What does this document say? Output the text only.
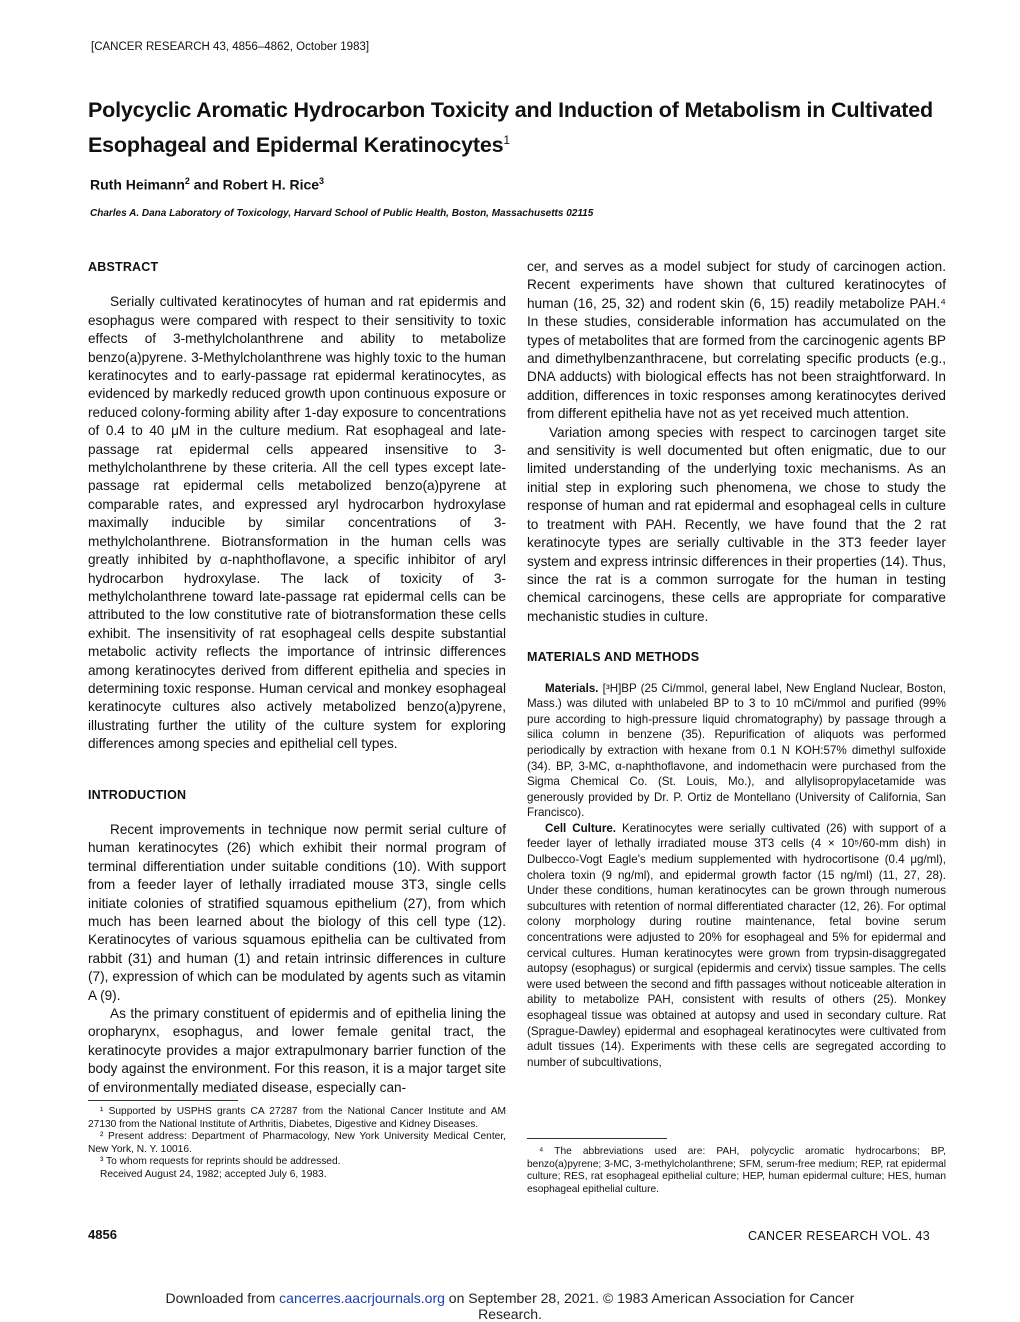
[CANCER RESEARCH 43, 4856–4862, October 1983]
Polycyclic Aromatic Hydrocarbon Toxicity and Induction of Metabolism in Cultivated Esophageal and Epidermal Keratinocytes$^1$
Ruth Heimann$^2$ and Robert H. Rice$^3$
Charles A. Dana Laboratory of Toxicology, Harvard School of Public Health, Boston, Massachusetts 02115
ABSTRACT

Serially cultivated keratinocytes of human and rat epidermis and esophagus were compared with respect to their sensitivity to toxic effects of 3-methylcholanthrene and ability to metabolize benzo(a)pyrene. 3-Methylcholanthrene was highly toxic to the human keratinocytes and to early-passage rat epidermal keratinocytes, as evidenced by markedly reduced growth upon continuous exposure or reduced colony-forming ability after 1-day exposure to concentrations of 0.4 to 40 μM in the culture medium. Rat esophageal and late-passage rat epidermal cells appeared insensitive to 3-methylcholanthrene by these criteria. All the cell types except late-passage rat epidermal cells metabolized benzo(a)pyrene at comparable rates, and expressed aryl hydrocarbon hydroxylase maximally inducible by similar concentrations of 3-methylcholanthrene. Biotransformation in the human cells was greatly inhibited by α-naphthoflavone, a specific inhibitor of aryl hydrocarbon hydroxylase. The lack of toxicity of 3-methylcholanthrene toward late-passage rat epidermal cells can be attributed to the low constitutive rate of biotransformation these cells exhibit. The insensitivity of rat esophageal cells despite substantial metabolic activity reflects the importance of intrinsic differences among keratinocytes derived from different epithelia and species in determining toxic response. Human cervical and monkey esophageal keratinocyte cultures also actively metabolized benzo(a)pyrene, illustrating further the utility of the culture system for exploring differences among species and epithelial cell types.

INTRODUCTION

Recent improvements in technique now permit serial culture of human keratinocytes (26) which exhibit their normal program of terminal differentiation under suitable conditions (10). With support from a feeder layer of lethally irradiated mouse 3T3, single cells initiate colonies of stratified squamous epithelium (27), from which much has been learned about the biology of this cell type (12). Keratinocytes of various squamous epithelia can be cultivated from rabbit (31) and human (1) and retain intrinsic differences in culture (7), expression of which can be modulated by agents such as vitamin A (9).

As the primary constituent of epidermis and of epithelia lining the oropharynx, esophagus, and lower female genital tract, the keratinocyte provides a major extrapulmonary barrier function of the body against the environment. For this reason, it is a major target site of environmentally mediated disease, especially can-

¹ Supported by USPHS grants CA 27287 from the National Cancer Institute and AM 27130 from the National Institute of Arthritis, Diabetes, Digestive and Kidney Diseases.

² Present address: Department of Pharmacology, New York University Medical Center, New York, N. Y. 10016.

³ To whom requests for reprints should be addressed.

Received August 24, 1982; accepted July 6, 1983.

cer, and serves as a model subject for study of carcinogen action. Recent experiments have shown that cultured keratinocytes of human (16, 25, 32) and rodent skin (6, 15) readily metabolize PAH.⁴ In these studies, considerable information has accumulated on the types of metabolites that are formed from the carcinogenic agents BP and dimethylbenzanthracene, but correlating specific products (e.g., DNA adducts) with biological effects has not been straightforward. In addition, differences in toxic responses among keratinocytes derived from different epithelia have not as yet received much attention.

Variation among species with respect to carcinogen target site and sensitivity is well documented but often enigmatic, due to our limited understanding of the underlying toxic mechanisms. As an initial step in exploring such phenomena, we chose to study the response of human and rat epidermal and esophageal cells in culture to treatment with PAH. Recently, we have found that the 2 rat keratinocyte types are serially cultivable in the 3T3 feeder layer system and express intrinsic differences in their properties (14). Thus, since the rat is a common surrogate for the human in testing chemical carcinogens, these cells are appropriate for comparative mechanistic studies in culture.

MATERIALS AND METHODS

Materials. [³H]BP (25 Ci/mmol, general label, New England Nuclear, Boston, Mass.) was diluted with unlabeled BP to 3 to 10 mCi/mmol and purified (99% pure according to high-pressure liquid chromatography) by passage through a silica column in benzene (35). Repurification of aliquots was performed periodically by extraction with hexane from 0.1 N KOH:57% dimethyl sulfoxide (34). BP, 3-MC, α-naphthoflavone, and indomethacin were purchased from the Sigma Chemical Co. (St. Louis, Mo.), and allylisopropylacetamide was generously provided by Dr. P. Ortiz de Montellano (University of California, San Francisco).

Cell Culture. Keratinocytes were serially cultivated (26) with support of a feeder layer of lethally irradiated mouse 3T3 cells (4 × 10⁵/60-mm dish) in Dulbecco-Vogt Eagle's medium supplemented with hydrocortisone (0.4 μg/ml), cholera toxin (9 ng/ml), and epidermal growth factor (15 ng/ml) (11, 27, 28). Under these conditions, human keratinocytes can be grown through numerous subcultures with retention of normal differentiated character (12, 26). For optimal colony morphology during routine maintenance, fetal bovine serum concentrations were adjusted to 20% for esophageal and 5% for epidermal and cervical cultures. Human keratinocytes were grown from trypsin-disaggregated autopsy (esophagus) or surgical (epidermis and cervix) tissue samples. The cells were used between the second and fifth passages without noticeable alteration in ability to metabolize PAH, consistent with results of others (25). Monkey esophageal tissue was obtained at autopsy and used in secondary culture. Rat (Sprague-Dawley) epidermal and esophageal keratinocytes were cultivated from adult tissues (14). Experiments with these cells are segregated according to number of subcultivations,

⁴ The abbreviations used are: PAH, polycyclic aromatic hydrocarbons; BP, benzo(a)pyrene; 3-MC, 3-methylcholanthrene; SFM, serum-free medium; REP, rat epidermal culture; RES, rat esophageal epithelial culture; HEP, human epidermal culture; HES, human esophageal epithelial culture.

4856	CANCER RESEARCH VOL. 43
Downloaded from cancerres.aacrjournals.org on September 28, 2021. © 1983 American Association for Cancer
Research.
